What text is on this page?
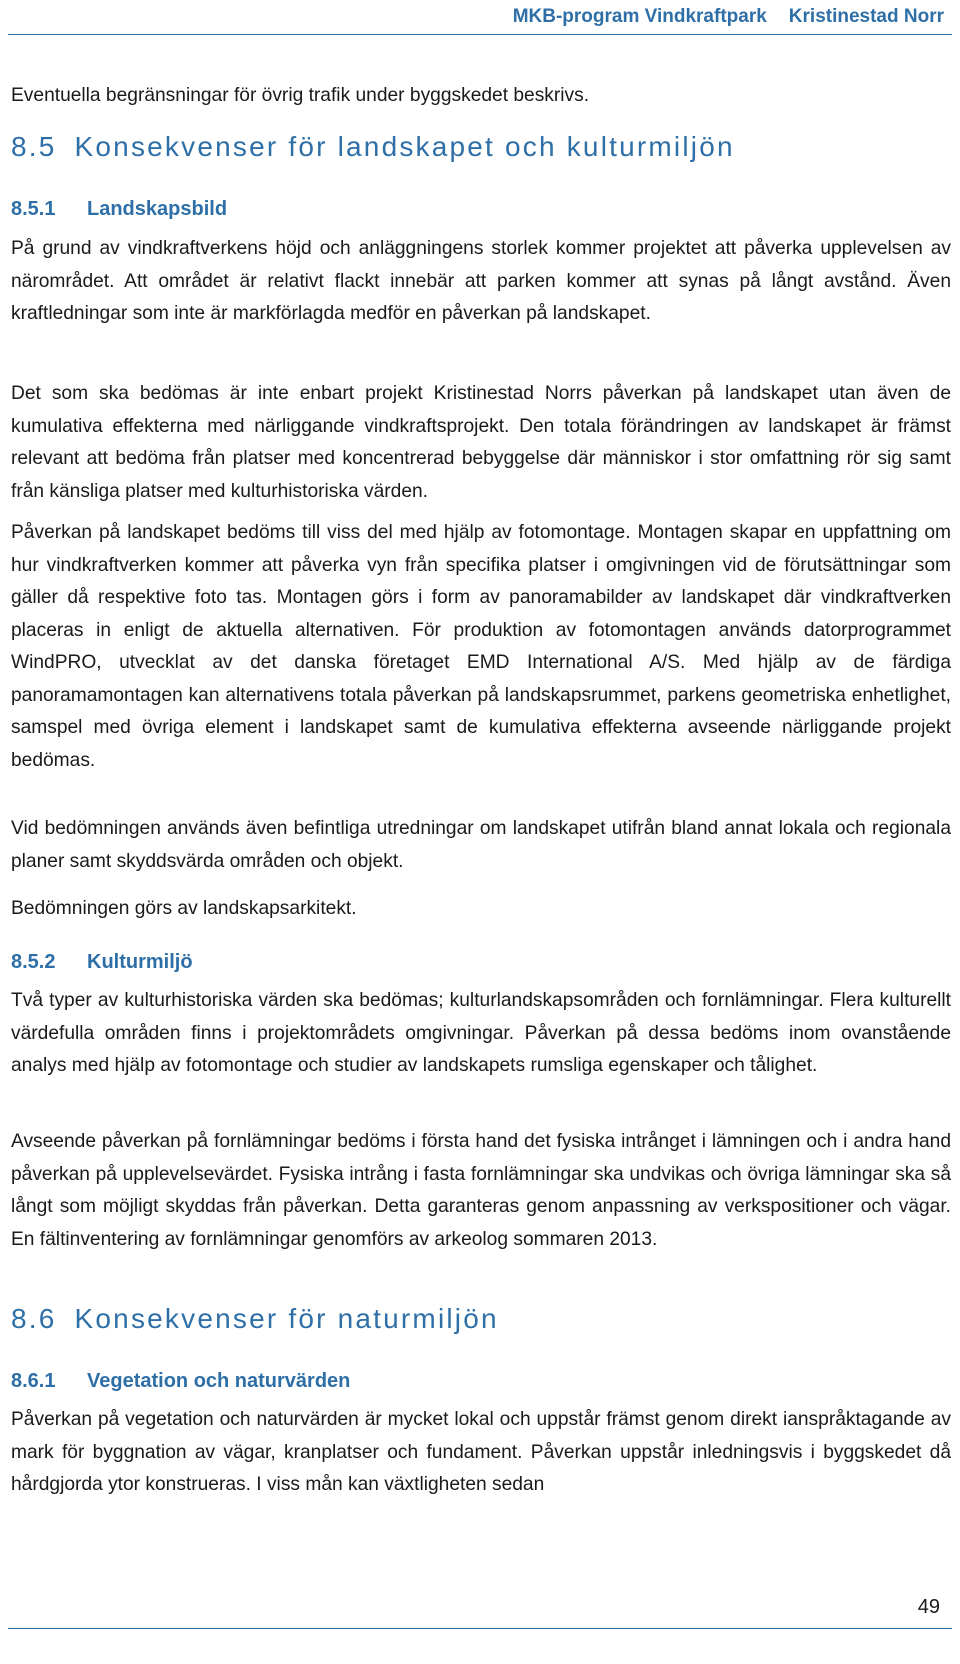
MKB-program Vindkraftpark Kristinestad Norr

Eventuella begränsningar för övrig trafik under byggskedet beskrivs.

8.5 Konsekvenser för landskapet och kulturmiljön
8.5.1 Landskapsbild

På grund av vindkraftverkens höjd och anläggningens storlek kommer projektet att påverka upplevelsen av närområdet. Att området är relativt flackt innebär att parken kommer att synas på långt avstånd. Även kraftledningar som inte är markförlagda medför en påverkan på landskapet.

Det som ska bedömas är inte enbart projekt Kristinestad Norrs påverkan på landskapet utan även de kumulativa effekterna med närliggande vindkraftsprojekt. Den totala förändringen av landskapet är främst relevant att bedöma från platser med koncentrerad bebyggelse där människor i stor omfattning rör sig samt från känsliga platser med kulturhistoriska värden.

Påverkan på landskapet bedöms till viss del med hjälp av fotomontage. Montagen skapar en uppfattning om hur vindkraftverken kommer att påverka vyn från specifika platser i omgivningen vid de förutsättningar som gäller då respektive foto tas. Montagen görs i form av panoramabilder av landskapet där vindkraftverken placeras in enligt de aktuella alternativen. För produktion av fotomontagen används datorprogrammet WindPRO, utvecklat av det danska företaget EMD International A/S. Med hjälp av de färdiga panoramamontagen kan alternativens totala påverkan på landskapsrummet, parkens geometriska enhetlighet, samspel med övriga element i landskapet samt de kumulativa effekterna avseende närliggande projekt bedömas.

Vid bedömningen används även befintliga utredningar om landskapet utifrån bland annat lokala och regionala planer samt skyddsvärda områden och objekt.

Bedömningen görs av landskapsarkitekt.

8.5.2 Kulturmiljö

Två typer av kulturhistoriska värden ska bedömas; kulturlandskapsområden och fornlämningar. Flera kulturellt värdefulla områden finns i projektområdets omgivningar. Påverkan på dessa bedöms inom ovanstående analys med hjälp av fotomontage och studier av landskapets rumsliga egenskaper och tålighet.

Avseende påverkan på fornlämningar bedöms i första hand det fysiska intrånget i lämningen och i andra hand påverkan på upplevelsevärdet. Fysiska intrång i fasta fornlämningar ska undvikas och övriga lämningar ska så långt som möjligt skyddas från påverkan. Detta garanteras genom anpassning av verkspositioner och vägar. En fältinventering av fornlämningar genomförs av arkeolog sommaren 2013.

8.6 Konsekvenser för naturmiljön
8.6.1 Vegetation och naturvärden

Påverkan på vegetation och naturvärden är mycket lokal och uppstår främst genom direkt ianspråktagande av mark för byggnation av vägar, kranplatser och fundament. Påverkan uppstår inledningsvis i byggskedet då hårdgjorda ytor konstrueras. I viss mån kan växtligheten sedan

49
